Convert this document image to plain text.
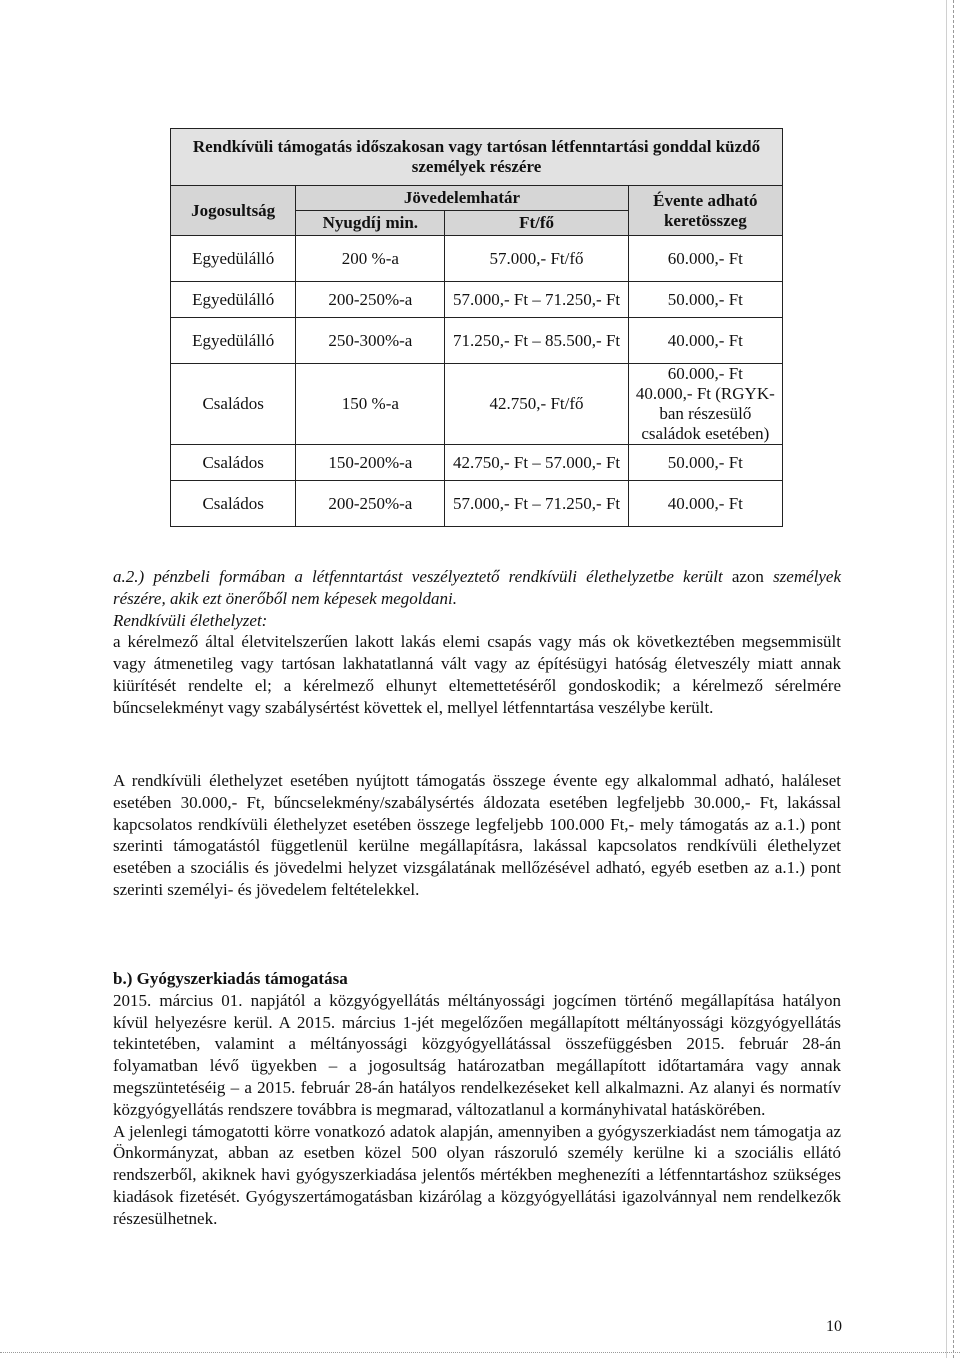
Rendkívüli támogatás időszakosan vagy tartósan létfenntartási gonddal küzdő személyek részére			
Jogosultság	Jövedelemhatár		Évente adható keretösszeg
	Nyugdíj min.	Ft/fő	
Egyedülálló	200 %-a	57.000,- Ft/fő	60.000,- Ft
Egyedülálló	200-250%-a	57.000,- Ft – 71.250,- Ft	50.000,- Ft
Egyedülálló	250-300%-a	71.250,- Ft – 85.500,- Ft	40.000,- Ft
Családos	150 %-a	42.750,- Ft/fő	60.000,- Ft
40.000,- Ft (RGYK-ban részesülő családok esetében)

Családos	150-200%-a	42.750,- Ft – 57.000,- Ft	50.000,- Ft
Családos	200-250%-a	57.000,- Ft – 71.250,- Ft	40.000,- Ft

a.2.) pénzbeli formában a létfenntartást veszélyeztető rendkívüli élethelyzetbe került azon személyek részére, akik ezt önerőből nem képesek megoldani.

Rendkívüli élethelyzet:

a kérelmező által életvitelszerűen lakott lakás elemi csapás vagy más ok következtében megsemmisült vagy átmenetileg vagy tartósan lakhatatlanná vált vagy az építésügyi hatóság életveszély miatt annak kiürítését rendelte el; a kérelmező elhunyt eltemettetéséről gondoskodik; a kérelmező sérelmére bűncselekményt vagy szabálysértést követtek el, mellyel létfenntartása veszélybe került.

A rendkívüli élethelyzet esetében nyújtott támogatás összege évente egy alkalommal adható, haláleset esetében 30.000,- Ft, bűncselekmény/szabálysértés áldozata esetében legfeljebb 30.000,- Ft, lakással kapcsolatos rendkívüli élethelyzet esetében összege legfeljebb 100.000 Ft,- mely támogatás az a.1.) pont szerinti támogatástól függetlenül kerülne megállapításra, lakással kapcsolatos rendkívüli élethelyzet esetében a szociális és jövedelmi helyzet vizsgálatának mellőzésével adható, egyéb esetben az a.1.) pont szerinti személyi- és jövedelem feltételekkel.

b.) Gyógyszerkiadás támogatása

2015. március 01. napjától a közgyógyellátás méltányossági jogcímen történő megállapítása hatályon kívül helyezésre kerül. A 2015. március 1-jét megelőzően megállapított méltányossági közgyógyellátás tekintetében, valamint a méltányossági közgyógyellátással összefüggésben 2015. február 28-án folyamatban lévő ügyekben – a jogosultság határozatban megállapított időtartamára vagy annak megszüntetéséig – a 2015. február 28-án hatályos rendelkezéseket kell alkalmazni. Az alanyi és normatív közgyógyellátás rendszere továbbra is megmarad, változatlanul a kormányhivatal hatáskörében.

A jelenlegi támogatotti körre vonatkozó adatok alapján, amennyiben a gyógyszerkiadást nem támogatja az Önkormányzat, abban az esetben közel 500 olyan rászoruló személy kerülne ki a szociális ellátó rendszerből, akiknek havi gyógyszerkiadása jelentős mértékben meghenezíti a létfenntartáshoz szükséges kiadások fizetését. Gyógyszertámogatásban kizárólag a közgyógyellátási igazolvánnyal nem rendelkezők részesülhetnek.

10
